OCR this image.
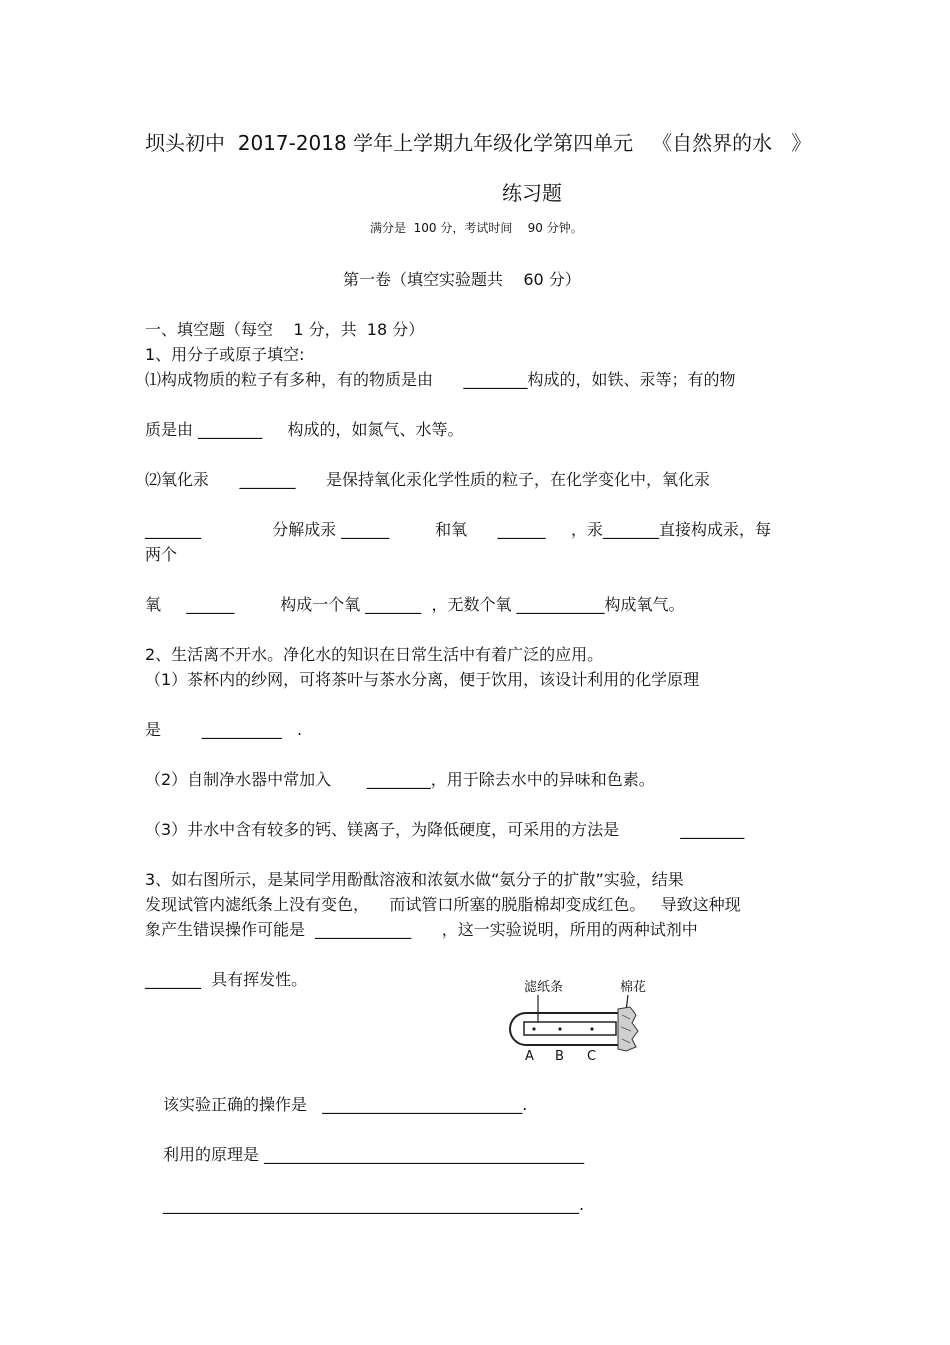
坝头初中  2017-2018 学年上学期九年级化学第四单元   《自然界的水   》
练习题
满分是  100 分，考试时间    90 分钟。
第一卷（填空实验题共    60 分）
一、填空题（每空    1 分，共  18 分）
1、用分子或原子填空:
⑴构成物质的粒子有多种，有的物质是由      ________构成的，如铁、汞等；有的物
质是由 ________     构成的，如氮气、水等。
⑵氧化汞      _______      是保持氧化汞化学性质的粒子，在化学变化中，氧化汞
_______              分解成汞 ______         和氧      ______     ，汞_______直接构成汞，每
两个
氧     ______         构成一个氧 _______  ，无数个氧 ___________构成氧气。
2、生活离不开水。净化水的知识在日常生活中有着广泛的应用。
（1）茶杯内的纱网，可将茶叶与茶水分离，便于饮用，该设计利用的化学原理
是        __________   .
（2）自制净水器中常加入       ________，用于除去水中的异味和色素。
（3）井水中含有较多的钙、镁离子，为降低硬度，可采用的方法是            ________
3、如右图所示，是某同学用酚酞溶液和浓氨水做“氨分子的扩散”实验，结果
发现试管内滤纸条上没有变色，    而试管口所塞的脱脂棉却变成红色。   导致这种现
象产生错误操作可能是  ____________      ，这一实验说明，所用的两种试剂中
_______  具有挥发性。	滤纸条	棉花
A B C
该实验正确的操作是   _________________________.
利用的原理是 ________________________________________
____________________________________________________.
